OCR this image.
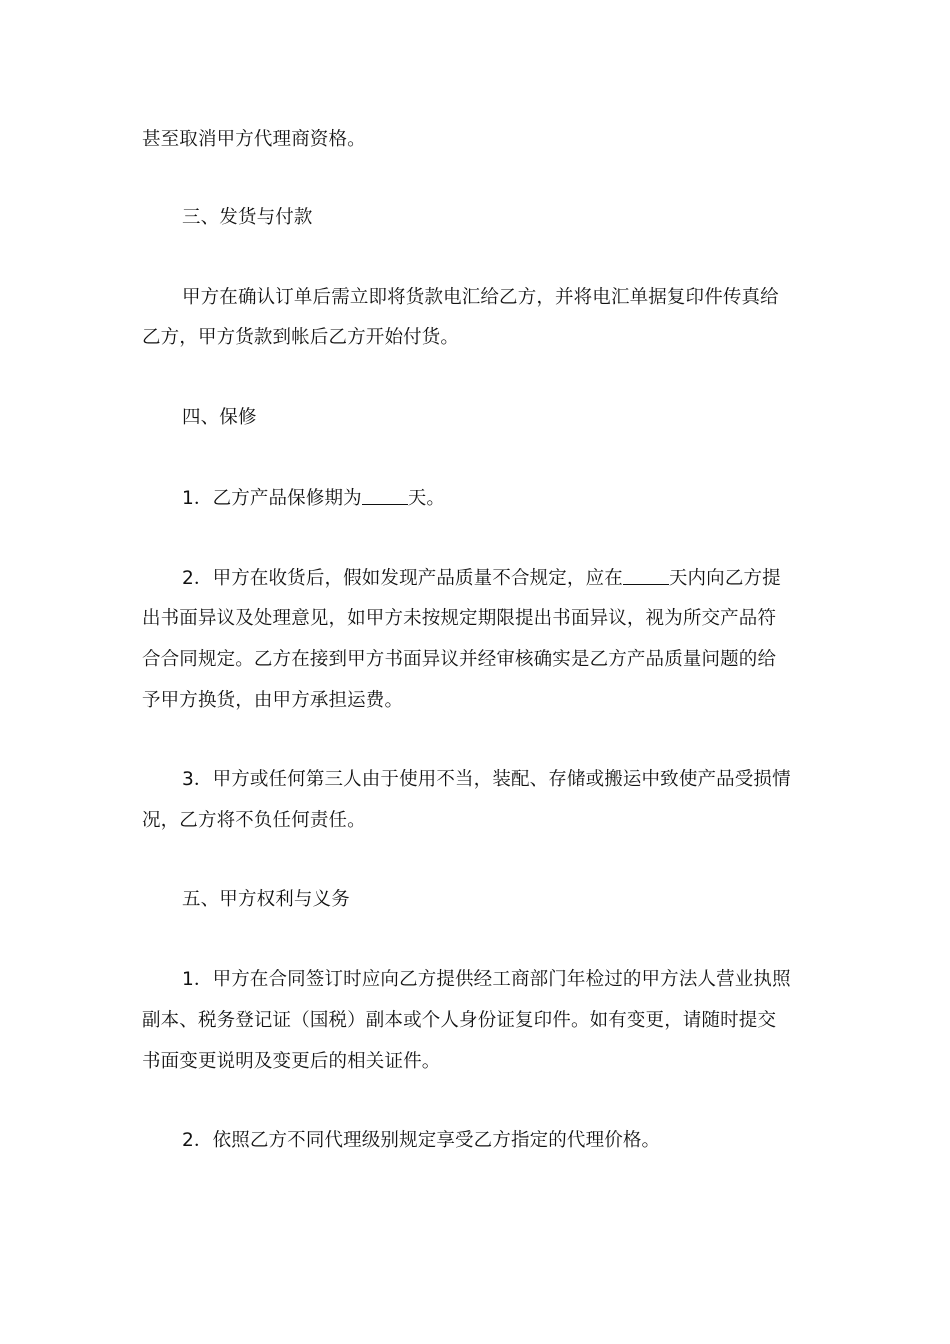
甚至取消甲方代理商资格。
三、发货与付款
甲方在确认订单后需立即将货款电汇给乙方，并将电汇单据复印件传真给
乙方，甲方货款到帐后乙方开始付货。
四、保修
1．乙方产品保修期为 天。
2．甲方在收货后，假如发现产品质量不合规定，应在 天内向乙方提
出书面异议及处理意见，如甲方未按规定期限提出书面异议，视为所交产品符
合合同规定。乙方在接到甲方书面异议并经审核确实是乙方产品质量问题的给
予甲方换货，由甲方承担运费。
3．甲方或任何第三人由于使用不当，装配、存储或搬运中致使产品受损情
况，乙方将不负任何责任。
五、甲方权利与义务
1．甲方在合同签订时应向乙方提供经工商部门年检过的甲方法人营业执照
副本、税务登记证（国税）副本或个人身份证复印件。如有变更，请随时提交
书面变更说明及变更后的相关证件。
2．依照乙方不同代理级别规定享受乙方指定的代理价格。
